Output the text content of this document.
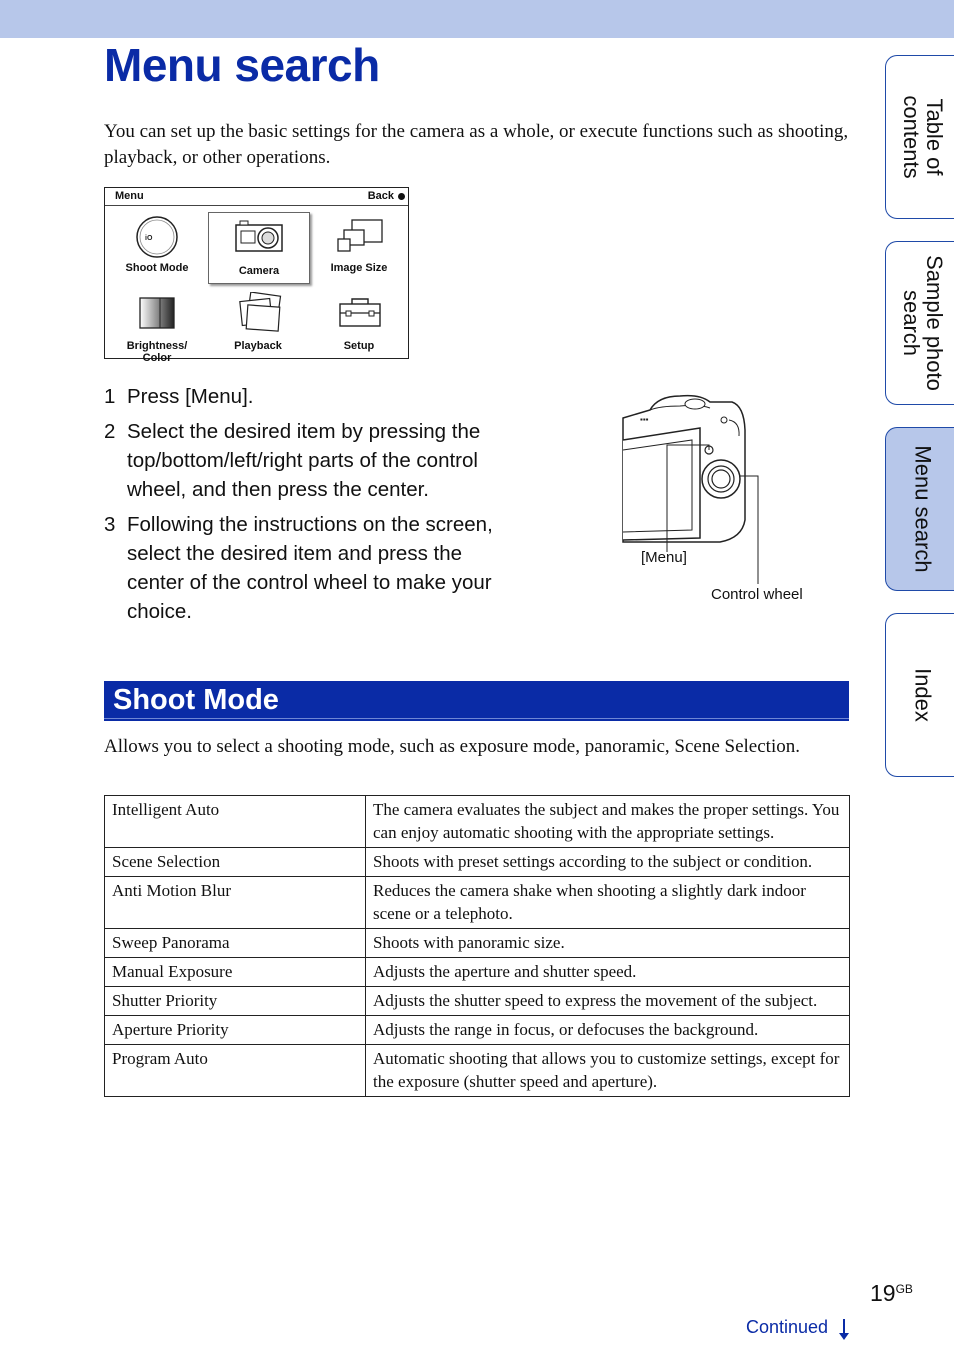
Menu search

You can set up the basic settings for the camera as a whole, or execute functions such as shooting, playback, or other operations.

Menu	Back
iO
Shoot Mode	Camera	Image Size
Brightness/
Color
Playback	Setup
1 Press [Menu].
2 Select the desired item by pressing the top/bottom/left/right parts of the control wheel, and then press the center.
3 Following the instructions on the screen, select the desired item and press the center of the control wheel to make your choice.
▪▪▪
[Menu]
Control wheel
Shoot Mode

Allows you to select a shooting mode, such as exposure mode, panoramic, Scene Selection.

Intelligent Auto	The camera evaluates the subject and makes the proper settings. You can enjoy automatic shooting with the appropriate settings.
Scene Selection	Shoots with preset settings according to the subject or condition.
Anti Motion Blur	Reduces the camera shake when shooting a slightly dark indoor scene or a telephoto.
Sweep Panorama	Shoots with panoramic size.
Manual Exposure	Adjusts the aperture and shutter speed.
Shutter Priority	Adjusts the shutter speed to express the movement of the subject.
Aperture Priority	Adjusts the range in focus, or defocuses the background.
Program Auto	Automatic shooting that allows you to customize settings, except for the exposure (shutter speed and aperture).
Table of
contents
Sample photo
search
Menu search
Index
$19^{GB}$
Continued
